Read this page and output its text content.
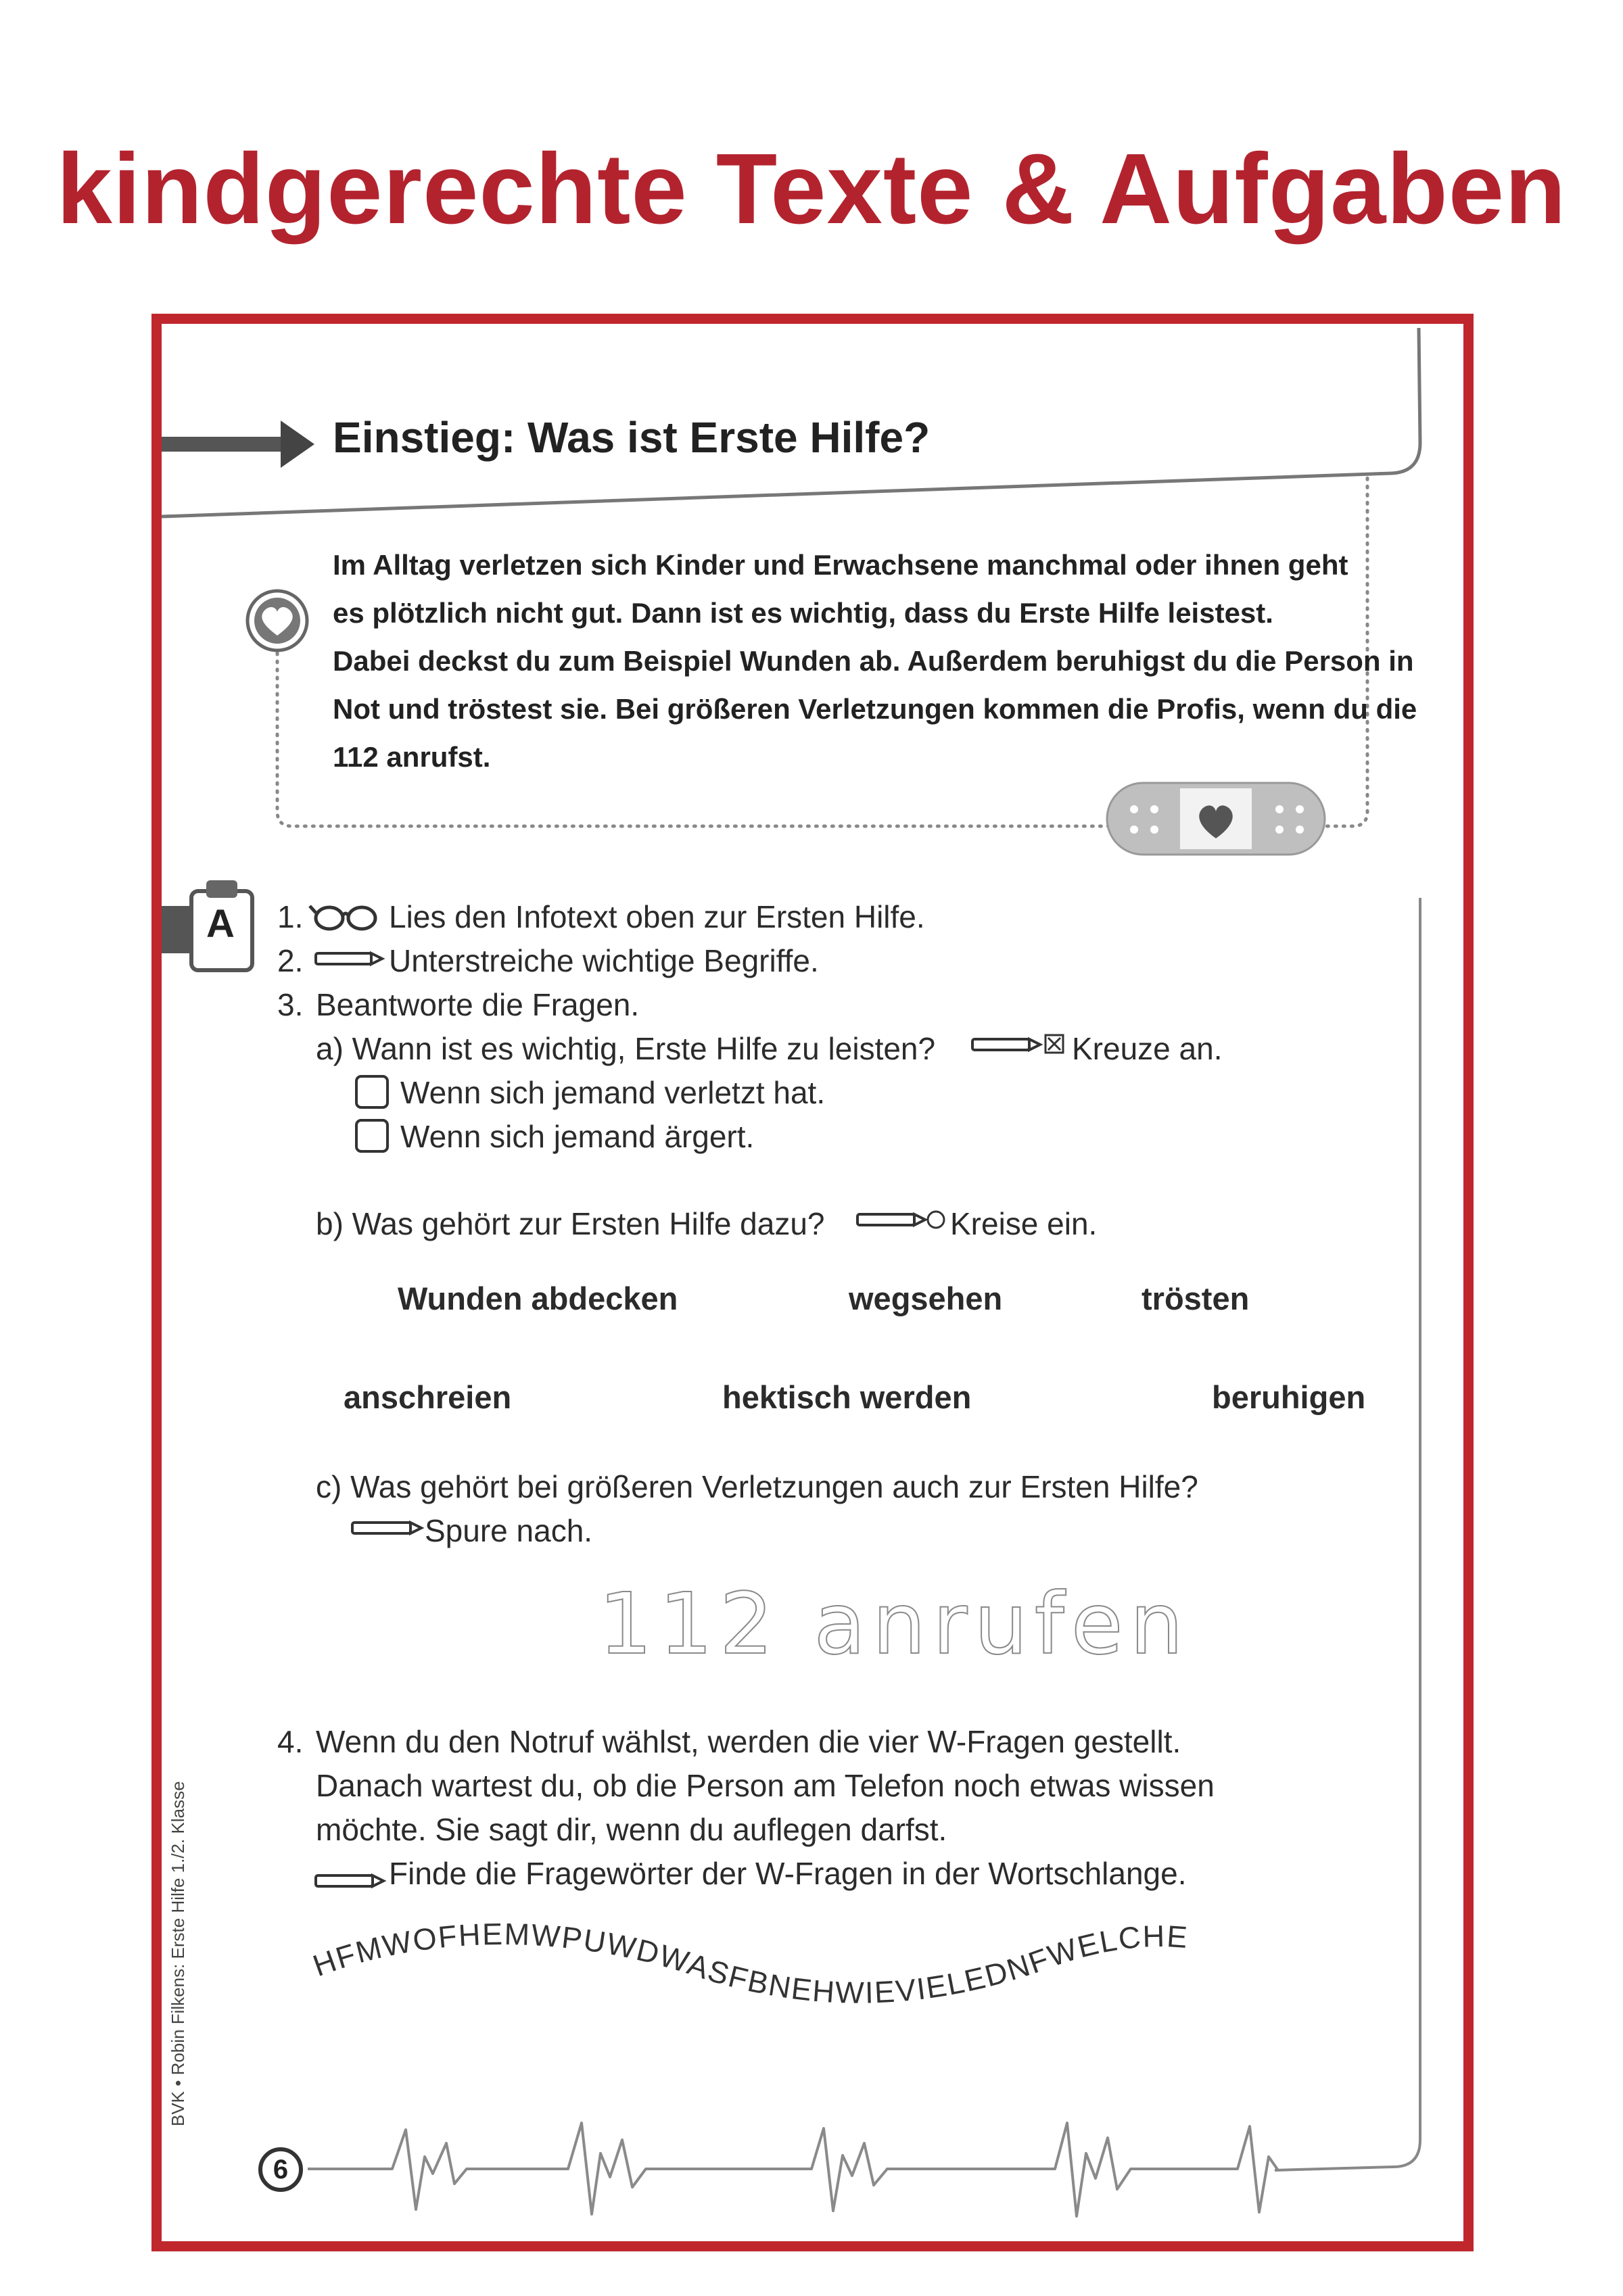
kindgerechte Texte & Aufgaben
HFMWOFHEMWPUWDWASFBNEHWIEVIELEDNFWELCHE
Einstieg: Was ist Erste Hilfe?
Im Alltag verletzen sich Kinder und Erwachsene manchmal oder ihnen geht
es plötzlich nicht gut. Dann ist es wichtig, dass du Erste Hilfe leistest.
Dabei deckst du zum Beispiel Wunden ab. Außerdem beruhigst du die Person in
Not und tröstest sie. Bei größeren Verletzungen kommen die Profis, wenn du die
112 anrufst.
A	1.	Lies den Infotext oben zur Ersten Hilfe.
2.	Unterstreiche wichtige Begriffe.
3. Beantworte die Fragen.
a) Wann ist es wichtig, Erste Hilfe zu leisten?	Kreuze an.
Wenn sich jemand verletzt hat.
Wenn sich jemand ärgert.
b) Was gehört zur Ersten Hilfe dazu?	Kreise ein.
Wunden abdecken	wegsehen	trösten
anschreien	hektisch werden	beruhigen
c) Was gehört bei größeren Verletzungen auch zur Ersten Hilfe?
Spure nach.
112 anrufen
4. Wenn du den Notruf wählst, werden die vier W-Fragen gestellt.
Danach wartest du, ob die Person am Telefon noch etwas wissen
möchte. Sie sagt dir, wenn du auflegen darfst.
Finde die Fragewörter der W-Fragen in der Wortschlange.
BVK • Robin Filkens: Erste Hilfe 1./2. Klasse
6
